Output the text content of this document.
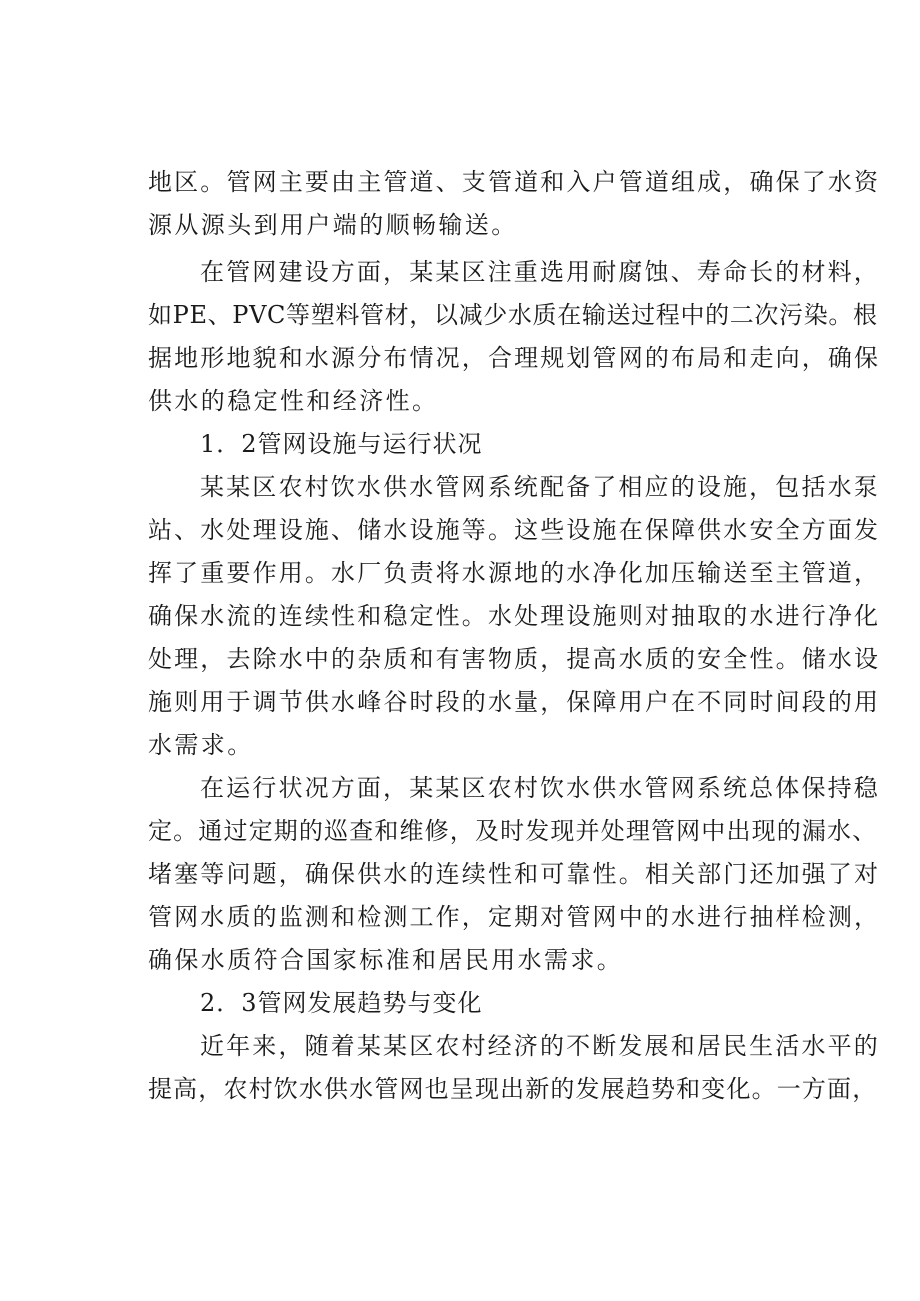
地区。管网主要由主管道、支管道和入户管道组成，确保了水资
源从源头到用户端的顺畅输送。
在管网建设方面，某某区注重选用耐腐蚀、寿命长的材料，
如PE、PVC等塑料管材，以减少水质在输送过程中的二次污染。根
据地形地貌和水源分布情况，合理规划管网的布局和走向，确保
供水的稳定性和经济性。
1．2管网设施与运行状况
某某区农村饮水供水管网系统配备了相应的设施，包括水泵
站、水处理设施、储水设施等。这些设施在保障供水安全方面发
挥了重要作用。水厂负责将水源地的水净化加压输送至主管道，
确保水流的连续性和稳定性。水处理设施则对抽取的水进行净化
处理，去除水中的杂质和有害物质，提高水质的安全性。储水设
施则用于调节供水峰谷时段的水量，保障用户在不同时间段的用
水需求。
在运行状况方面，某某区农村饮水供水管网系统总体保持稳
定。通过定期的巡查和维修，及时发现并处理管网中出现的漏水、
堵塞等问题，确保供水的连续性和可靠性。相关部门还加强了对
管网水质的监测和检测工作，定期对管网中的水进行抽样检测，
确保水质符合国家标准和居民用水需求。
2．3管网发展趋势与变化
近年来，随着某某区农村经济的不断发展和居民生活水平的
提高，农村饮水供水管网也呈现出新的发展趋势和变化。一方面，
